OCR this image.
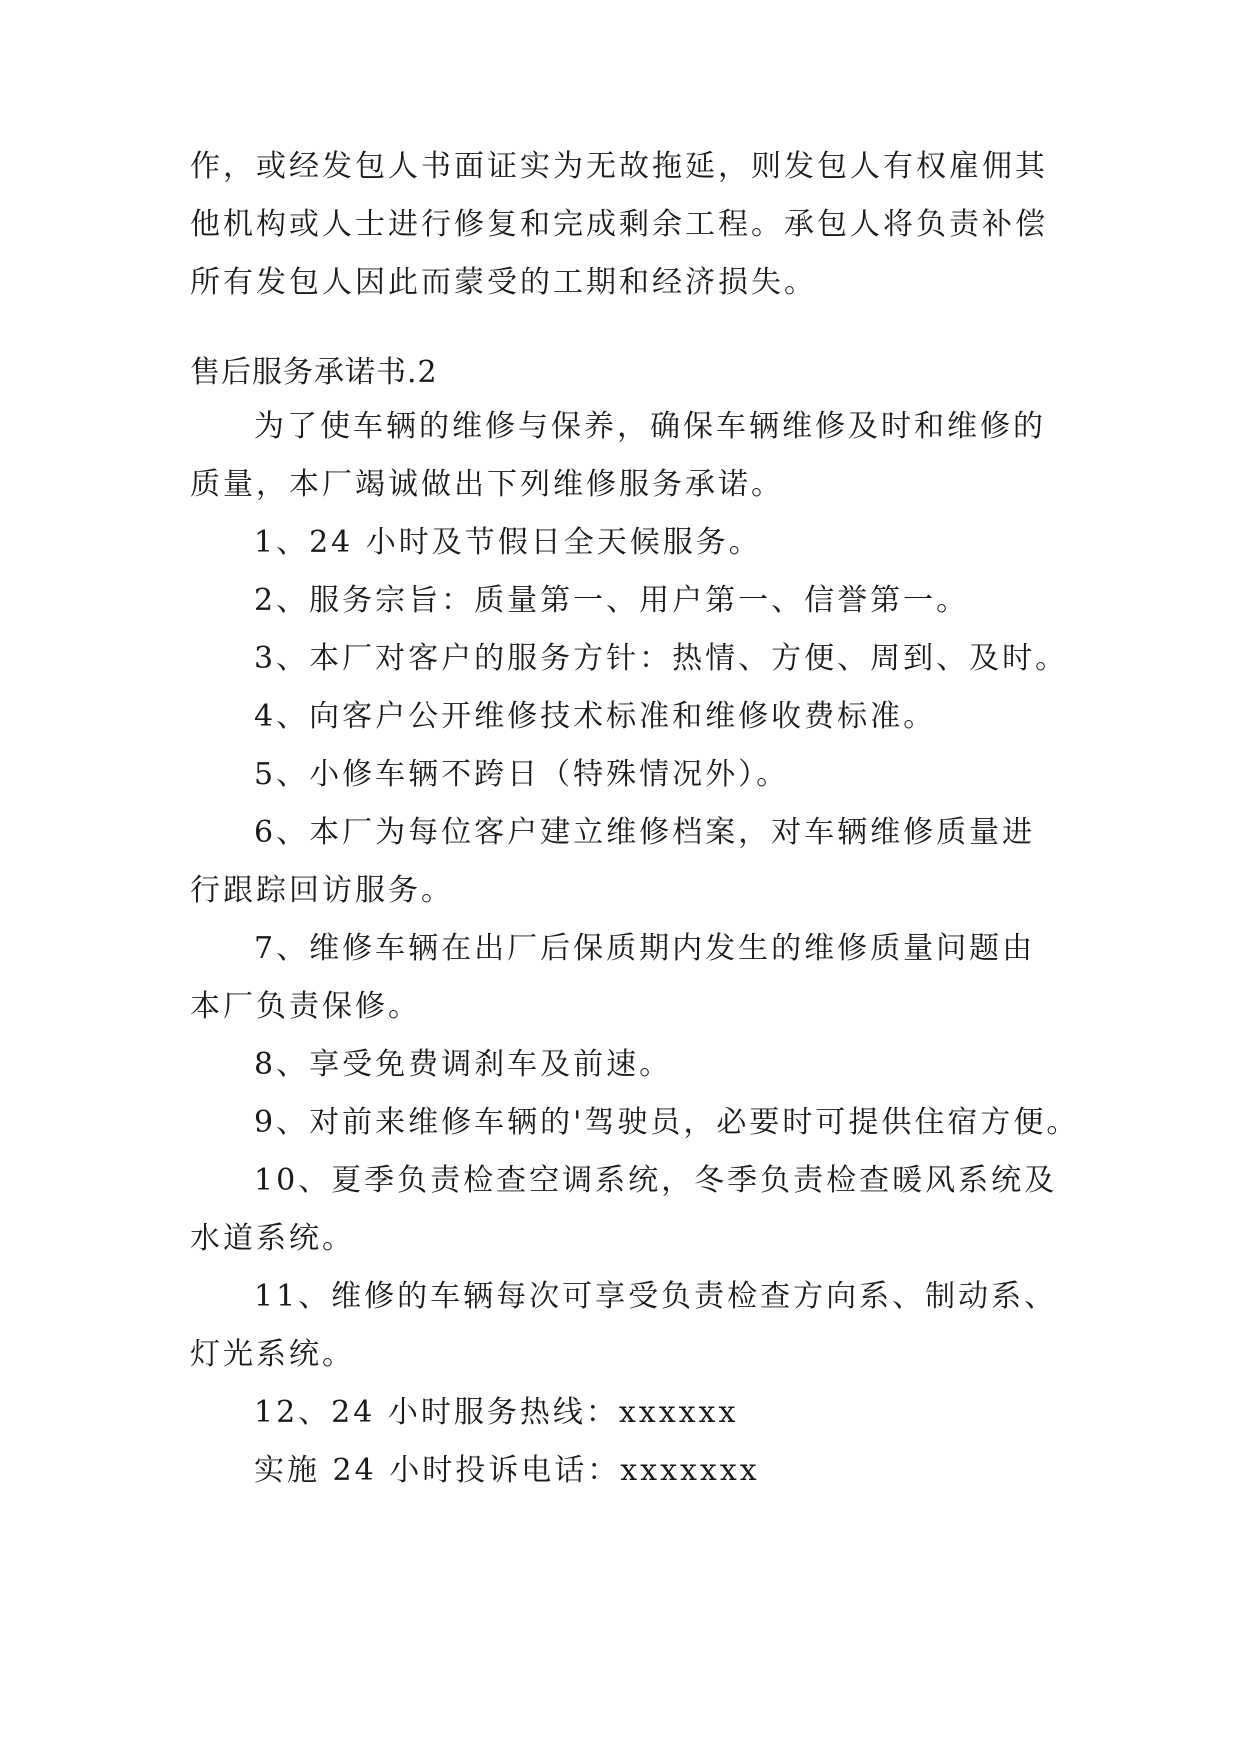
作，或经发包人书面证实为无故拖延，则发包人有权雇佣其
他机构或人士进行修复和完成剩余工程。承包人将负责补偿
所有发包人因此而蒙受的工期和经济损失。
售后服务承诺书.2
为了使车辆的维修与保养，确保车辆维修及时和维修的
质量，本厂竭诚做出下列维修服务承诺。
1、24 小时及节假日全天候服务。
2、服务宗旨：质量第一、用户第一、信誉第一。
3、本厂对客户的服务方针：热情、方便、周到、及时。
4、向客户公开维修技术标准和维修收费标准。
5、小修车辆不跨日（特殊情况外）。
6、本厂为每位客户建立维修档案，对车辆维修质量进
行跟踪回访服务。
7、维修车辆在出厂后保质期内发生的维修质量问题由
本厂负责保修。
8、享受免费调刹车及前速。
9、对前来维修车辆的'驾驶员，必要时可提供住宿方便。
10、夏季负责检查空调系统，冬季负责检查暖风系统及
水道系统。
11、维修的车辆每次可享受负责检查方向系、制动系、
灯光系统。
12、24 小时服务热线：xxxxxx
实施 24 小时投诉电话：xxxxxxx
